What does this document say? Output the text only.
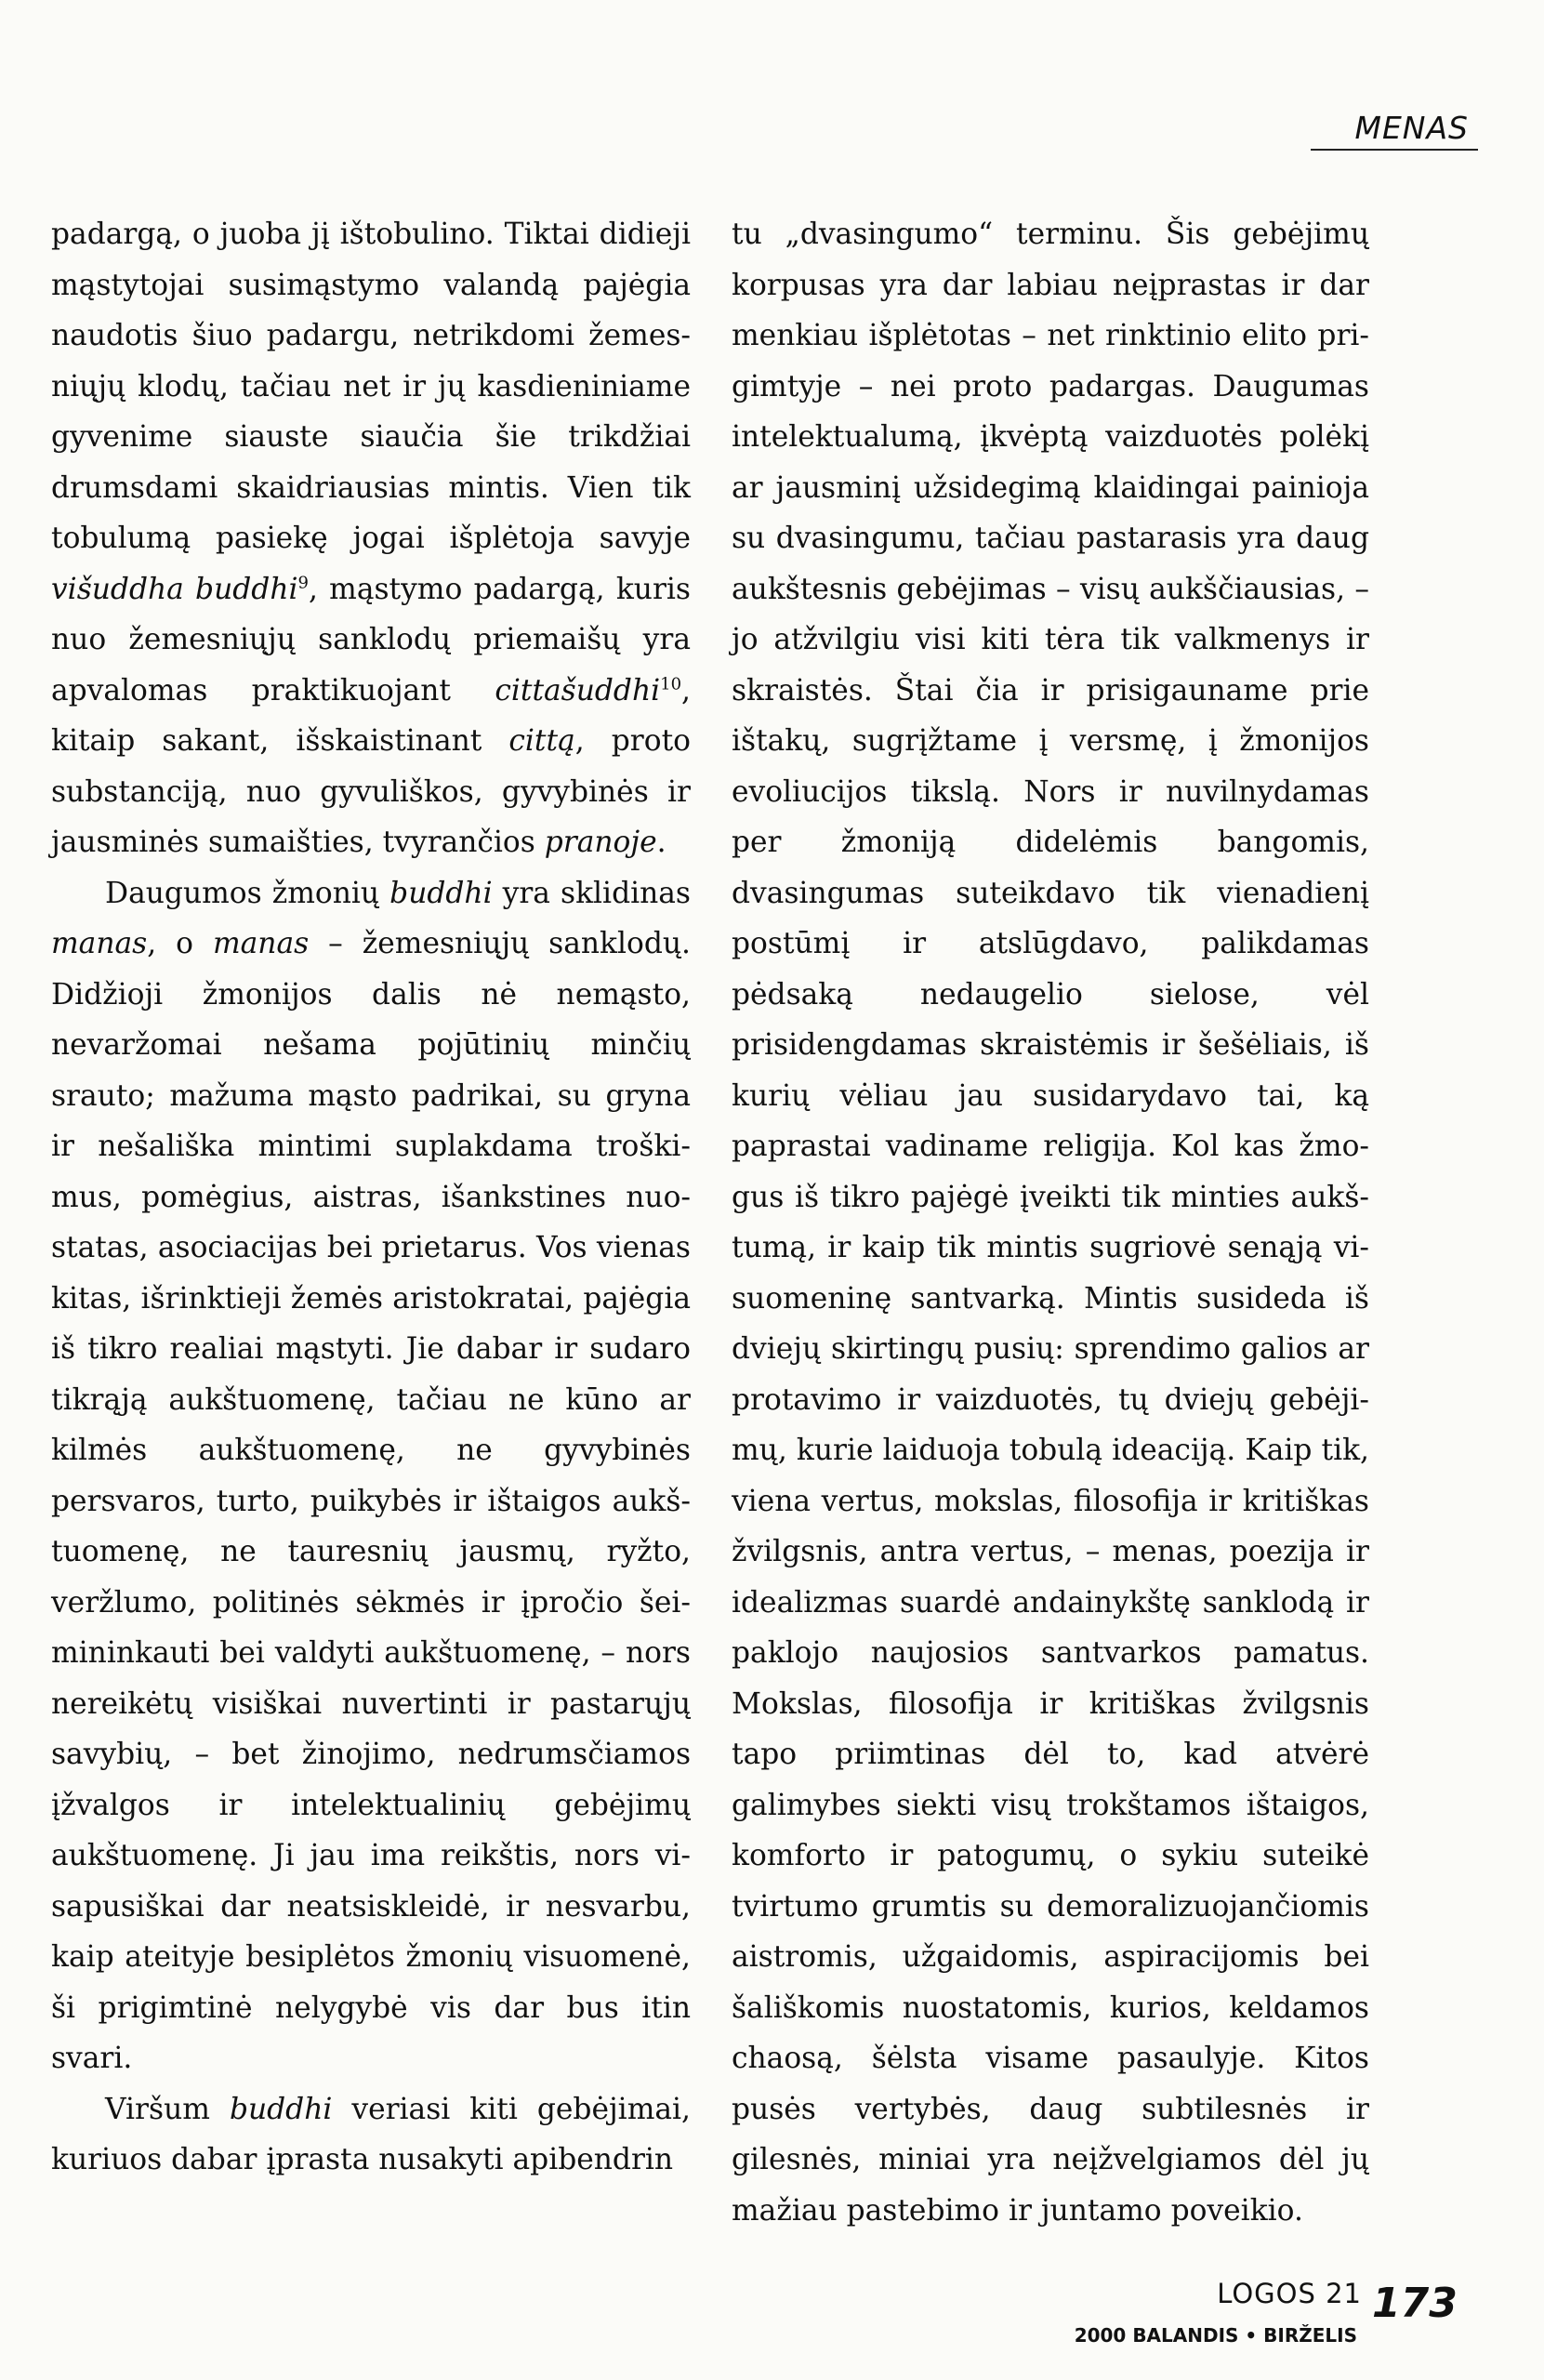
MENAS

padargą, o juoba jį ištobulino. Tiktai didieji mąstytojai susimąstymo valandą pajėgia naudotis šiuo padargu, netrikdomi žemesniųjų klodų, tačiau net ir jų kasdieniniame gyvenime siauste siaučia šie trikdžiai drumsdami skaidriausias mintis. Vien tik tobulumą pasiekę jogai išplėtoja savyje višuddha buddhi$^9$, mąstymo padargą, kuris nuo žemesniųjų sanklodų priemaišų yra apvalomas praktikuojant cittašuddhi$^{10}$, kitaip sakant, išskaistinant cittą, proto substanciją, nuo gyvuliškos, gyvybinės ir jausminės sumaišties, tvyrančios pranoje.

Daugumos žmonių buddhi yra sklidinas manas, o manas – žemesniųjų sanklodų. Didžioji žmonijos dalis nė nemąsto, nevaržomai nešama pojūtinių minčių srauto; mažuma mąsto padrikai, su gryna ir nešališka mintimi suplakdama troškimus, pomėgius, aistras, išankstines nuostatas, asociacijas bei prietarus. Vos vienas kitas, išrinktieji žemės aristokratai, pajėgia iš tikro realiai mąstyti. Jie dabar ir sudaro tikrąją aukštuomenę, tačiau ne kūno ar kilmės aukštuomenę, ne gyvybinės persvaros, turto, puikybės ir ištaigos aukštuomenę, ne tauresnių jausmų, ryžto, veržlumo, politinės sėkmės ir įpročio šeimininkauti bei valdyti aukštuomenę, – nors nereikėtų visiškai nuvertinti ir pastarųjų savybių, – bet žinojimo, nedrumsčiamos įžvalgos ir intelektualinių gebėjimų aukštuomenę. Ji jau ima reikštis, nors visapusiškai dar neatsiskleidė, ir nesvarbu, kaip ateityje besiplėtos žmonių visuomenė, ši prigimtinė nelygybė vis dar bus itin svari.

Viršum buddhi veriasi kiti gebėjimai, kuriuos dabar įprasta nusakyti apibendrin

tu „dvasingumo“ terminu. Šis gebėjimų korpusas yra dar labiau neįprastas ir dar menkiau išplėtotas – net rinktinio elito prigimtyje – nei proto padargas. Daugumas intelektualumą, įkvėptą vaizduotės polėkį ar jausminį užsidegimą klaidingai painioja su dvasingumu, tačiau pastarasis yra daug aukštesnis gebėjimas – visų aukščiausias, – jo atžvilgiu visi kiti tėra tik valkmenys ir skraistės. Štai čia ir prisigauname prie ištakų, sugrįžtame į versmę, į žmonijos evoliucijos tikslą. Nors ir nuvilnydamas per žmoniją didelėmis bangomis, dvasingumas suteikdavo tik vienadienį postūmį ir atslūgdavo, palikdamas pėdsaką nedaugelio sielose, vėl prisidengdamas skraistėmis ir šešėliais, iš kurių vėliau jau susidarydavo tai, ką paprastai vadiname religija. Kol kas žmogus iš tikro pajėgė įveikti tik minties aukštumą, ir kaip tik mintis sugriovė senąją visuomeninę santvarką. Mintis susideda iš dviejų skirtingų pusių: sprendimo galios ar protavimo ir vaizduotės, tų dviejų gebėjimų, kurie laiduoja tobulą ideaciją. Kaip tik, viena vertus, mokslas, filosofija ir kritiškas žvilgsnis, antra vertus, – menas, poezija ir idealizmas suardė andainykštę sanklodą ir paklojo naujosios santvarkos pamatus. Mokslas, filosofija ir kritiškas žvilgsnis tapo priimtinas dėl to, kad atvėrė galimybes siekti visų trokštamos ištaigos, komforto ir patogumų, o sykiu suteikė tvirtumo grumtis su demoralizuojančiomis aistromis, užgaidomis, aspiracijomis bei šališkomis nuostatomis, kurios, keldamos chaosą, šėlsta visame pasaulyje. Kitos pusės vertybės, daug subtilesnės ir gilesnės, miniai yra neįžvelgiamos dėl jų mažiau pastebimo ir juntamo poveikio.

LOGOS 21 173
2000 BALANDIS • BIRŽELIS
